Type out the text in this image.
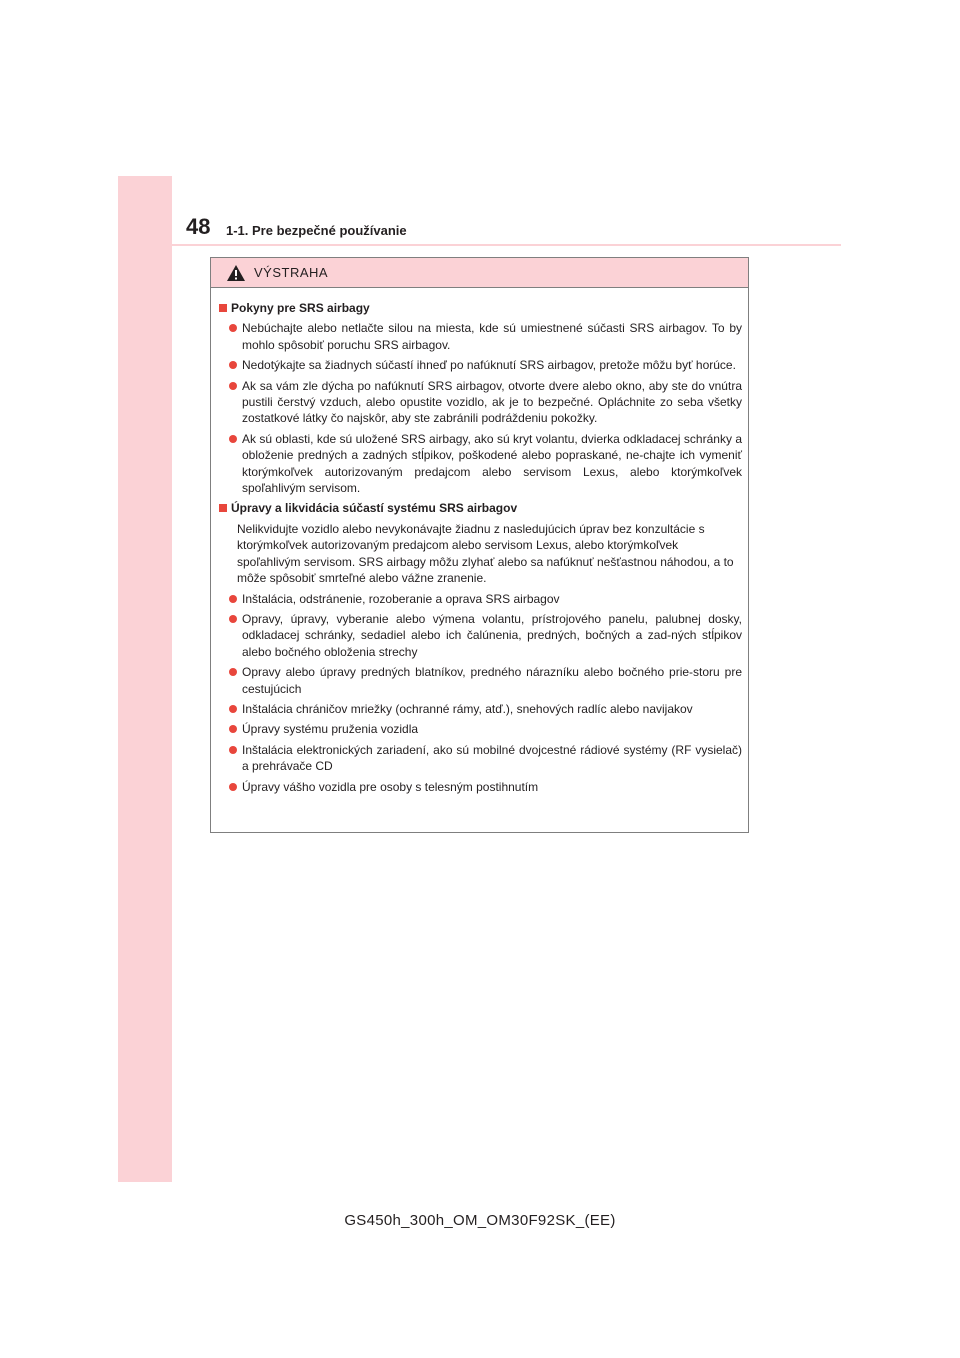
48 1-1. Pre bezpečné používanie
VÝSTRAHA
Pokyny pre SRS airbagy
Nebúchajte alebo netlačte silou na miesta, kde sú umiestnené súčasti SRS airbagov. To by mohlo spôsobiť poruchu SRS airbagov.
Nedotýkajte sa žiadnych súčastí ihneď po nafúknutí SRS airbagov, pretože môžu byť horúce.
Ak sa vám zle dýcha po nafúknutí SRS airbagov, otvorte dvere alebo okno, aby ste do vnútra pustili čerstvý vzduch, alebo opustite vozidlo, ak je to bezpečné. Opláchnite zo seba všetky zostatkové látky čo najskôr, aby ste zabránili podráždeniu pokožky.
Ak sú oblasti, kde sú uložené SRS airbagy, ako sú kryt volantu, dvierka odkladacej schránky a obloženie predných a zadných stĺpikov, poškodené alebo popraskané, ne-chajte ich vymeniť ktorýmkoľvek autorizovaným predajcom alebo servisom Lexus, alebo ktorýmkoľvek spoľahlivým servisom.
Úpravy a likvidácia súčastí systému SRS airbagov
Nelikvidujte vozidlo alebo nevykonávajte žiadnu z nasledujúcich úprav bez konzultácie s ktorýmkoľvek autorizovaným predajcom alebo servisom Lexus, alebo ktorýmkoľvek spoľahlivým servisom. SRS airbagy môžu zlyhať alebo sa nafúknuť nešťastnou náhodou, a to môže spôsobiť smrteľné alebo vážne zranenie.
Inštalácia, odstránenie, rozoberanie a oprava SRS airbagov
Opravy, úpravy, vyberanie alebo výmena volantu, prístrojového panelu, palubnej dosky, odkladacej schránky, sedadiel alebo ich čalúnenia, predných, bočných a zad-ných stĺpikov alebo bočného obloženia strechy
Opravy alebo úpravy predných blatníkov, predného nárazníku alebo bočného prie-storu pre cestujúcich
Inštalácia chráničov mriežky (ochranné rámy, atď.), snehových radlíc alebo navijakov
Úpravy systému pruženia vozidla
Inštalácia elektronických zariadení, ako sú mobilné dvojcestné rádiové systémy (RF vysielač) a prehrávače CD
Úpravy vášho vozidla pre osoby s telesným postihnutím
GS450h_300h_OM_OM30F92SK_(EE)
